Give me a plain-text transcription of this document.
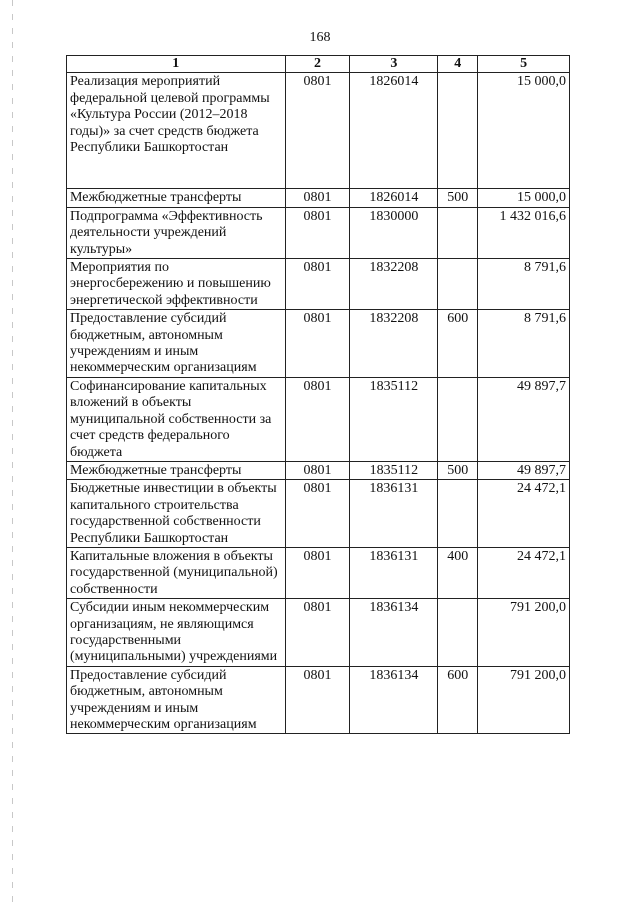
168
1	2	3	4	5
Реализация мероприятий федеральной целевой программы «Культура России (2012–2018 годы)» за счет средств бюджета Республики Башкортостан	0801	1826014		15 000,0
Межбюджетные трансферты	0801	1826014	500	15 000,0
Подпрограмма «Эффективность деятельности учреждений культуры»	0801	1830000		1 432 016,6
Мероприятия по энергосбережению и повышению энергетической эффективности	0801	1832208		8 791,6
Предоставление субсидий бюджетным, автономным учреждениям и иным некоммерческим организациям	0801	1832208	600	8 791,6
Софинансирование капитальных вложений в объекты муниципальной собственности за счет средств федерального бюджета	0801	1835112		49 897,7
Межбюджетные трансферты	0801	1835112	500	49 897,7
Бюджетные инвестиции в объекты капитального строительства государственной собственности Республики Башкортостан	0801	1836131		24 472,1
Капитальные вложения в объекты государственной (муниципальной) собственности	0801	1836131	400	24 472,1
Субсидии иным некоммерческим организациям, не являющимся государственными (муниципальными) учреждениями	0801	1836134		791 200,0
Предоставление субсидий бюджетным, автономным учреждениям и иным некоммерческим организациям	0801	1836134	600	791 200,0
